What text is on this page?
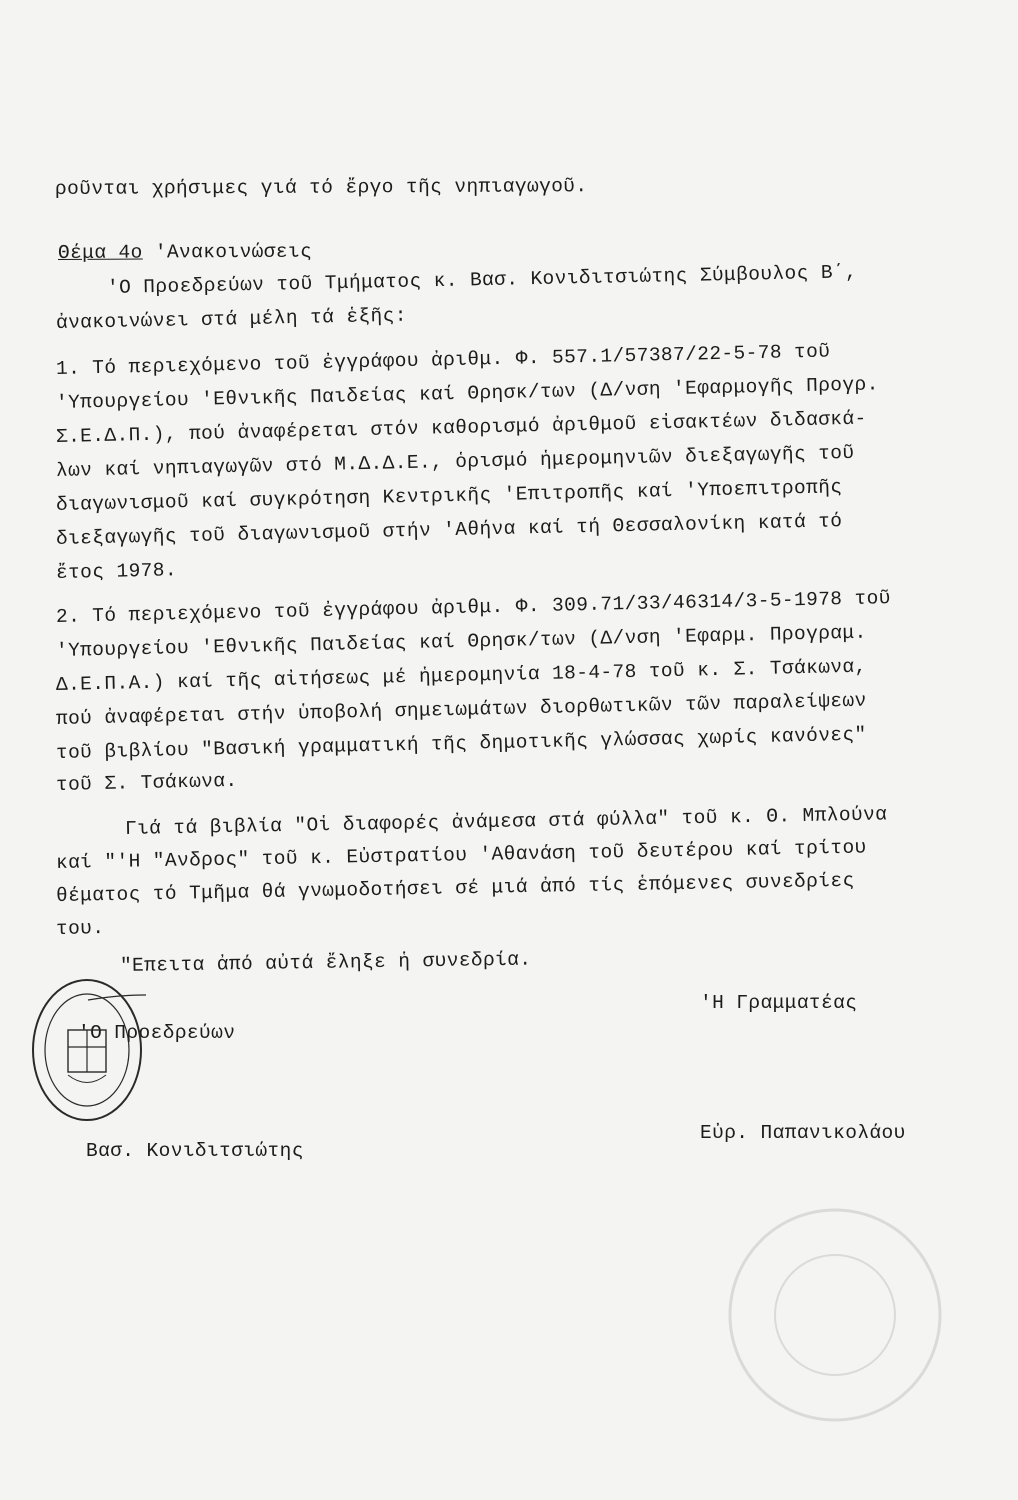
ροῦνται χρήσιμες γιά τό ἔργο τῆς νηπιαγωγοῦ.
Θέμα 4ο 'Ανακοινώσεις
'Ο Προεδρεύων τοῦ Τμήματος κ. Βασ. Κονιδιτσιώτης Σύμβουλος Β΄,
ἀνακοινώνει στά μέλη τά ἑξῆς:
1. Τό περιεχόμενο τοῦ ἐγγράφου ἀριθμ. Φ. 557.1/57387/22-5-78 τοῦ
'Υπουργείου 'Εθνικῆς Παιδείας καί Θρησκ/των (Δ/νση 'Εφαρμογῆς Προγρ.
Σ.Ε.Δ.Π.), πού ἀναφέρεται στόν καθορισμό ἀριθμοῦ εἰσακτέων διδασκά-
λων καί νηπιαγωγῶν στό Μ.Δ.Δ.Ε., ὁρισμό ἡμερομηνιῶν διεξαγωγῆς τοῦ
διαγωνισμοῦ καί συγκρότηση Κεντρικῆς 'Επιτροπῆς καί 'Υποεπιτροπῆς
διεξαγωγῆς τοῦ διαγωνισμοῦ στήν 'Αθήνα καί τή Θεσσαλονίκη κατά τό
ἔτος 1978.
2. Τό περιεχόμενο τοῦ ἐγγράφου ἀριθμ. Φ. 309.71/33/46314/3-5-1978 τοῦ
'Υπουργείου 'Εθνικῆς Παιδείας καί Θρησκ/των (Δ/νση 'Εφαρμ. Προγραμ.
Δ.Ε.Π.Α.) καί τῆς αἰτήσεως μέ ἡμερομηνία 18-4-78 τοῦ κ. Σ. Τσάκωνα,
πού ἀναφέρεται στήν ὑποβολή σημειωμάτων διορθωτικῶν τῶν παραλείψεων
τοῦ βιβλίου "Βασική γραμματική τῆς δημοτικῆς γλώσσας χωρίς κανόνες"
τοῦ Σ. Τσάκωνα.
Γιά τά βιβλία "Οἱ διαφορές ἀνάμεσα στά φύλλα" τοῦ κ. Θ. Μπλούνα
καί "'Η "Ανδρος" τοῦ κ. Εὐστρατίου 'Αθανάση τοῦ δευτέρου καί τρίτου
θέματος τό Τμῆμα θά γνωμοδοτήσει σέ μιά ἀπό τίς ἑπόμενες συνεδρίες
του.
"Επειτα ἀπό αὐτά ἔληξε ἡ συνεδρία.
'Η Γραμματέας
'Ο Προεδρεύων
Βασ. Κονιδιτσιώτης
Εὐρ. Παπανικολάου
